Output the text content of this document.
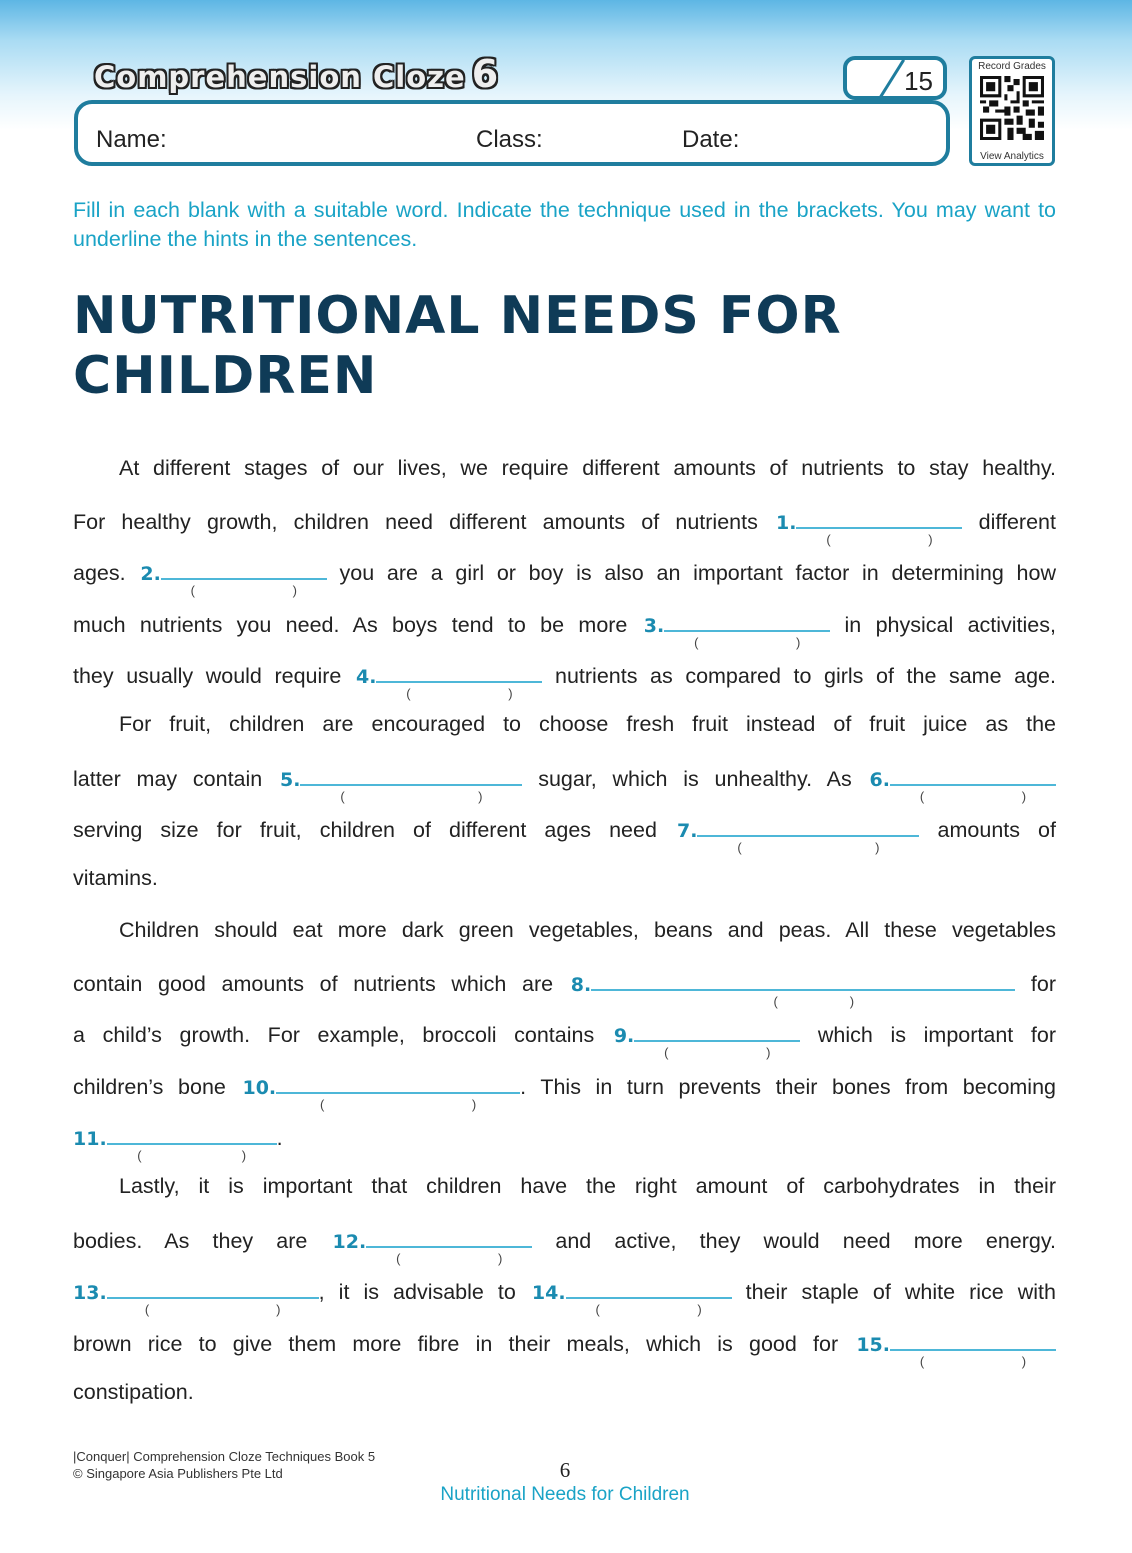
Comprehension Cloze 6	15
Name:	Class:	Date:
Record Grades
View Analytics
Fill in each blank with a suitable word. Indicate the technique used in the brackets. You may want to underline the hints in the sentences.
NUTRITIONAL NEEDS FOR
CHILDREN
At different stages of our lives, we require different amounts of nutrients to stay healthy.
For healthy growth, children need different amounts of nutrients 1.
(	)
different
ages. 2.
(	)
you are a girl or boy is also an important factor in determining how
much nutrients you need. As boys tend to be more 3.
(	)
in physical activities,
they usually would require 4.
(	)
nutrients as compared to girls of the same age.
For fruit, children are encouraged to choose fresh fruit instead of fruit juice as the
latter may contain 5.
(	)
sugar, which is unhealthy. As 6.
(	)
serving size for fruit, children of different ages need 7.
(	)
amounts of
vitamins.
Children should eat more dark green vegetables, beans and peas. All these vegetables
contain good amounts of nutrients which are 8.
(	)
for
a child’s growth. For example, broccoli contains 9.
(	)
which is important for
children’s bone 10.
(	)
. This in turn prevents their bones from becoming
11.
(	)
.
Lastly, it is important that children have the right amount of carbohydrates in their
bodies. As they are 12.
(	)
and active, they would need more energy.
13.
(	)
, it is advisable to 14.
(	)
their staple of white rice with
brown rice to give them more fibre in their meals, which is good for 15.
(	)
constipation.
|Conquer| Comprehension Cloze Techniques Book 5
© Singapore Asia Publishers Pte Ltd	6
Nutritional Needs for Children
